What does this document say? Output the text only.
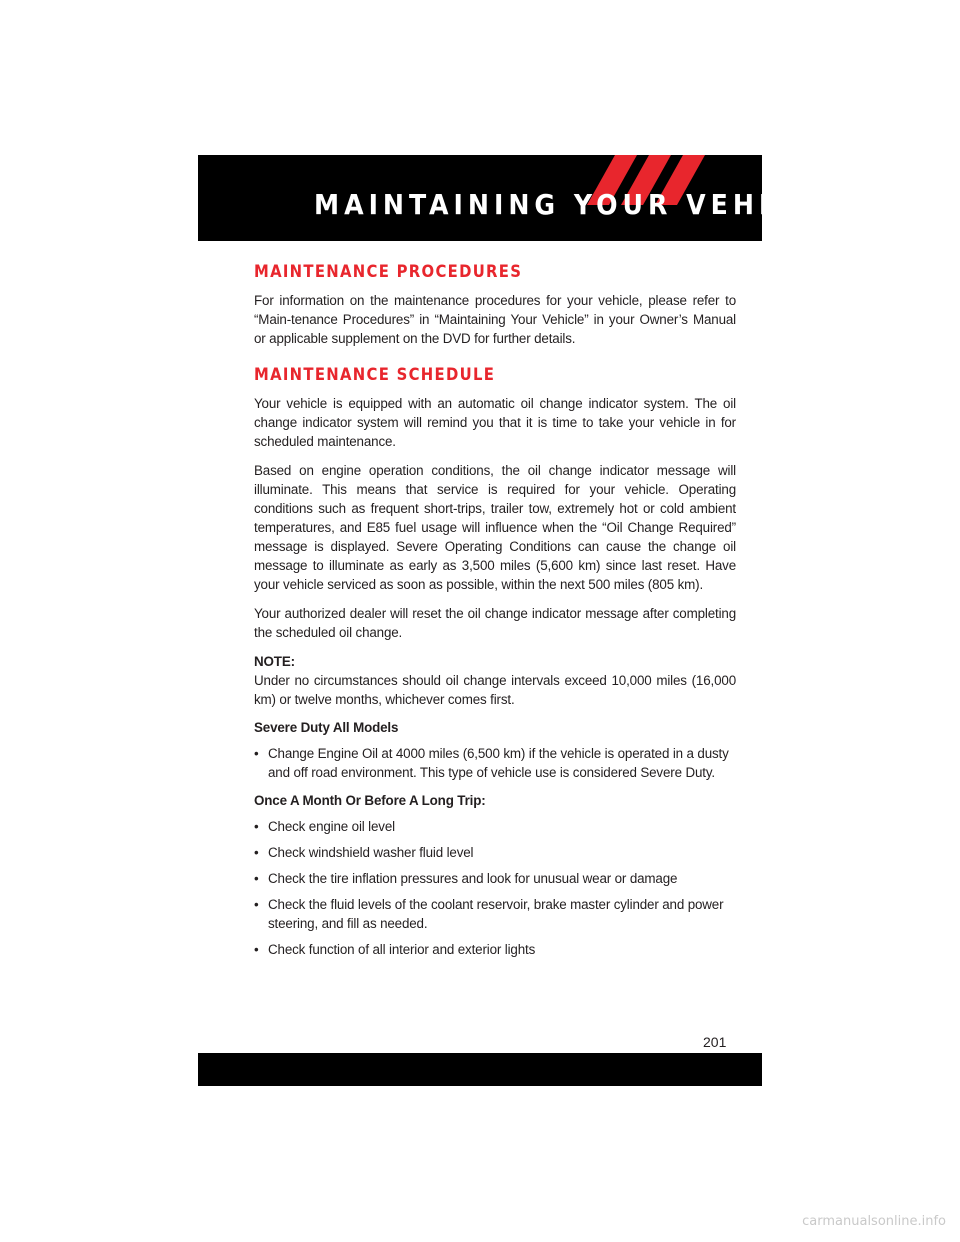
MAINTAINING YOUR VEHICLE
MAINTENANCE PROCEDURES

For information on the maintenance procedures for your vehicle, please refer to “Main-tenance Procedures” in “Maintaining Your Vehicle” in your Owner’s Manual or applicable supplement on the DVD for further details.

MAINTENANCE SCHEDULE

Your vehicle is equipped with an automatic oil change indicator system. The oil change indicator system will remind you that it is time to take your vehicle in for scheduled maintenance.

Based on engine operation conditions, the oil change indicator message will illuminate. This means that service is required for your vehicle. Operating conditions such as frequent short-trips, trailer tow, extremely hot or cold ambient temperatures, and E85 fuel usage will influence when the “Oil Change Required” message is displayed. Severe Operating Conditions can cause the change oil message to illuminate as early as 3,500 miles (5,600 km) since last reset. Have your vehicle serviced as soon as possible, within the next 500 miles (805 km).

Your authorized dealer will reset the oil change indicator message after completing the scheduled oil change.

NOTE:

Under no circumstances should oil change intervals exceed 10,000 miles (16,000 km) or twelve months, whichever comes first.

Severe Duty All Models

• Change Engine Oil at 4000 miles (6,500 km) if the vehicle is operated in a dusty and off road environment. This type of vehicle use is considered Severe Duty.

Once A Month Or Before A Long Trip:

• Check engine oil level
• Check windshield washer fluid level
• Check the tire inflation pressures and look for unusual wear or damage
• Check the fluid levels of the coolant reservoir, brake master cylinder and power steering, and fill as needed.
• Check function of all interior and exterior lights
201
carmanualsonline.info
